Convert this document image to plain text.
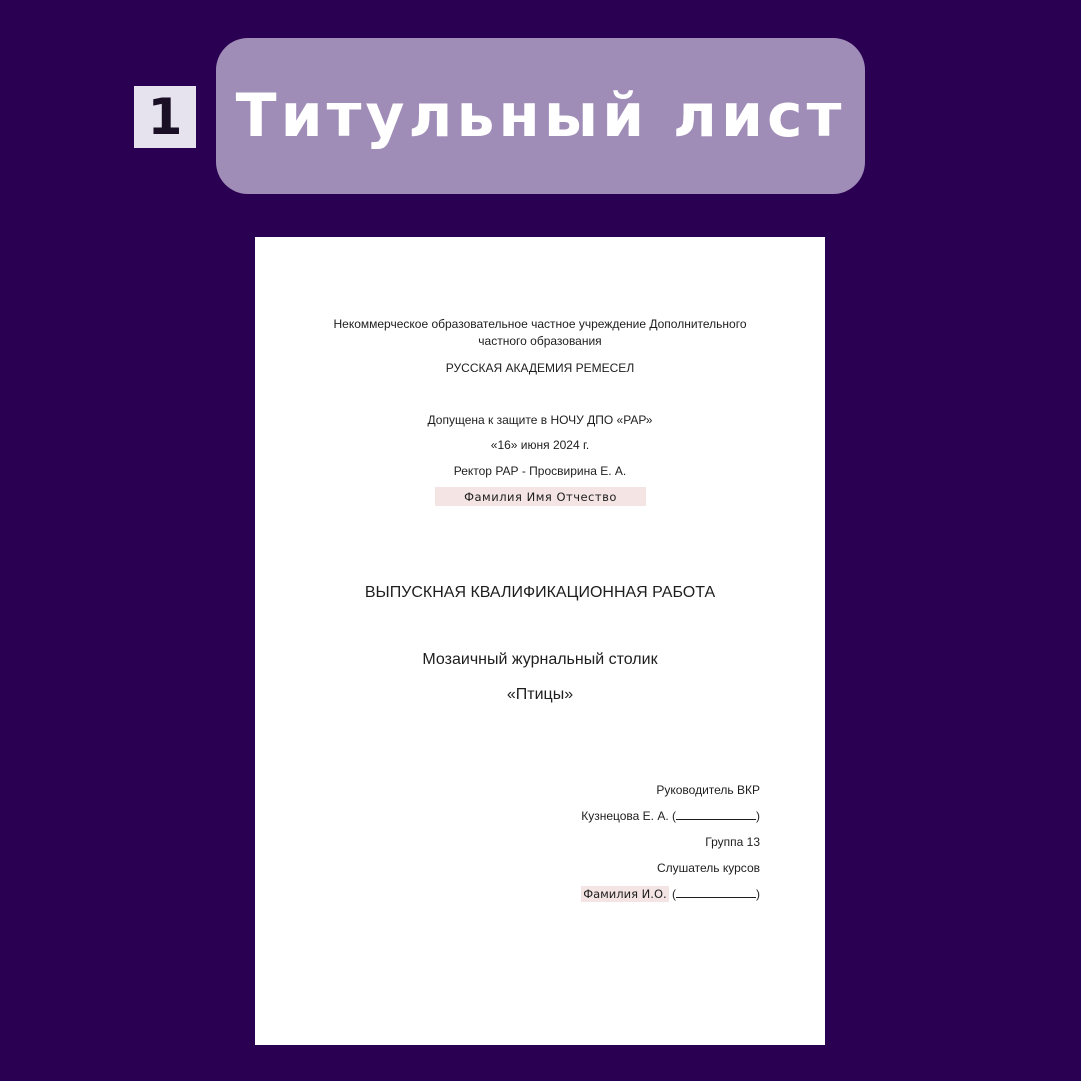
1 Титульный лист
Некоммерческое образовательное частное учреждение Дополнительного
частного образования
РУССКАЯ АКАДЕМИЯ РЕМЕСЕЛ
Допущена к защите в НОЧУ ДПО «РАР»
«16» июня 2024 г.
Ректор РАР - Просвирина Е. А.
Фамилия Имя Отчество
ВЫПУСКНАЯ КВАЛИФИКАЦИОННАЯ РАБОТА
Мозаичный журнальный столик
«Птицы»
Руководитель ВКР
Кузнецова Е. А. (	)
Группа 13
Слушатель курсов
Фамилия И.О. (	)
